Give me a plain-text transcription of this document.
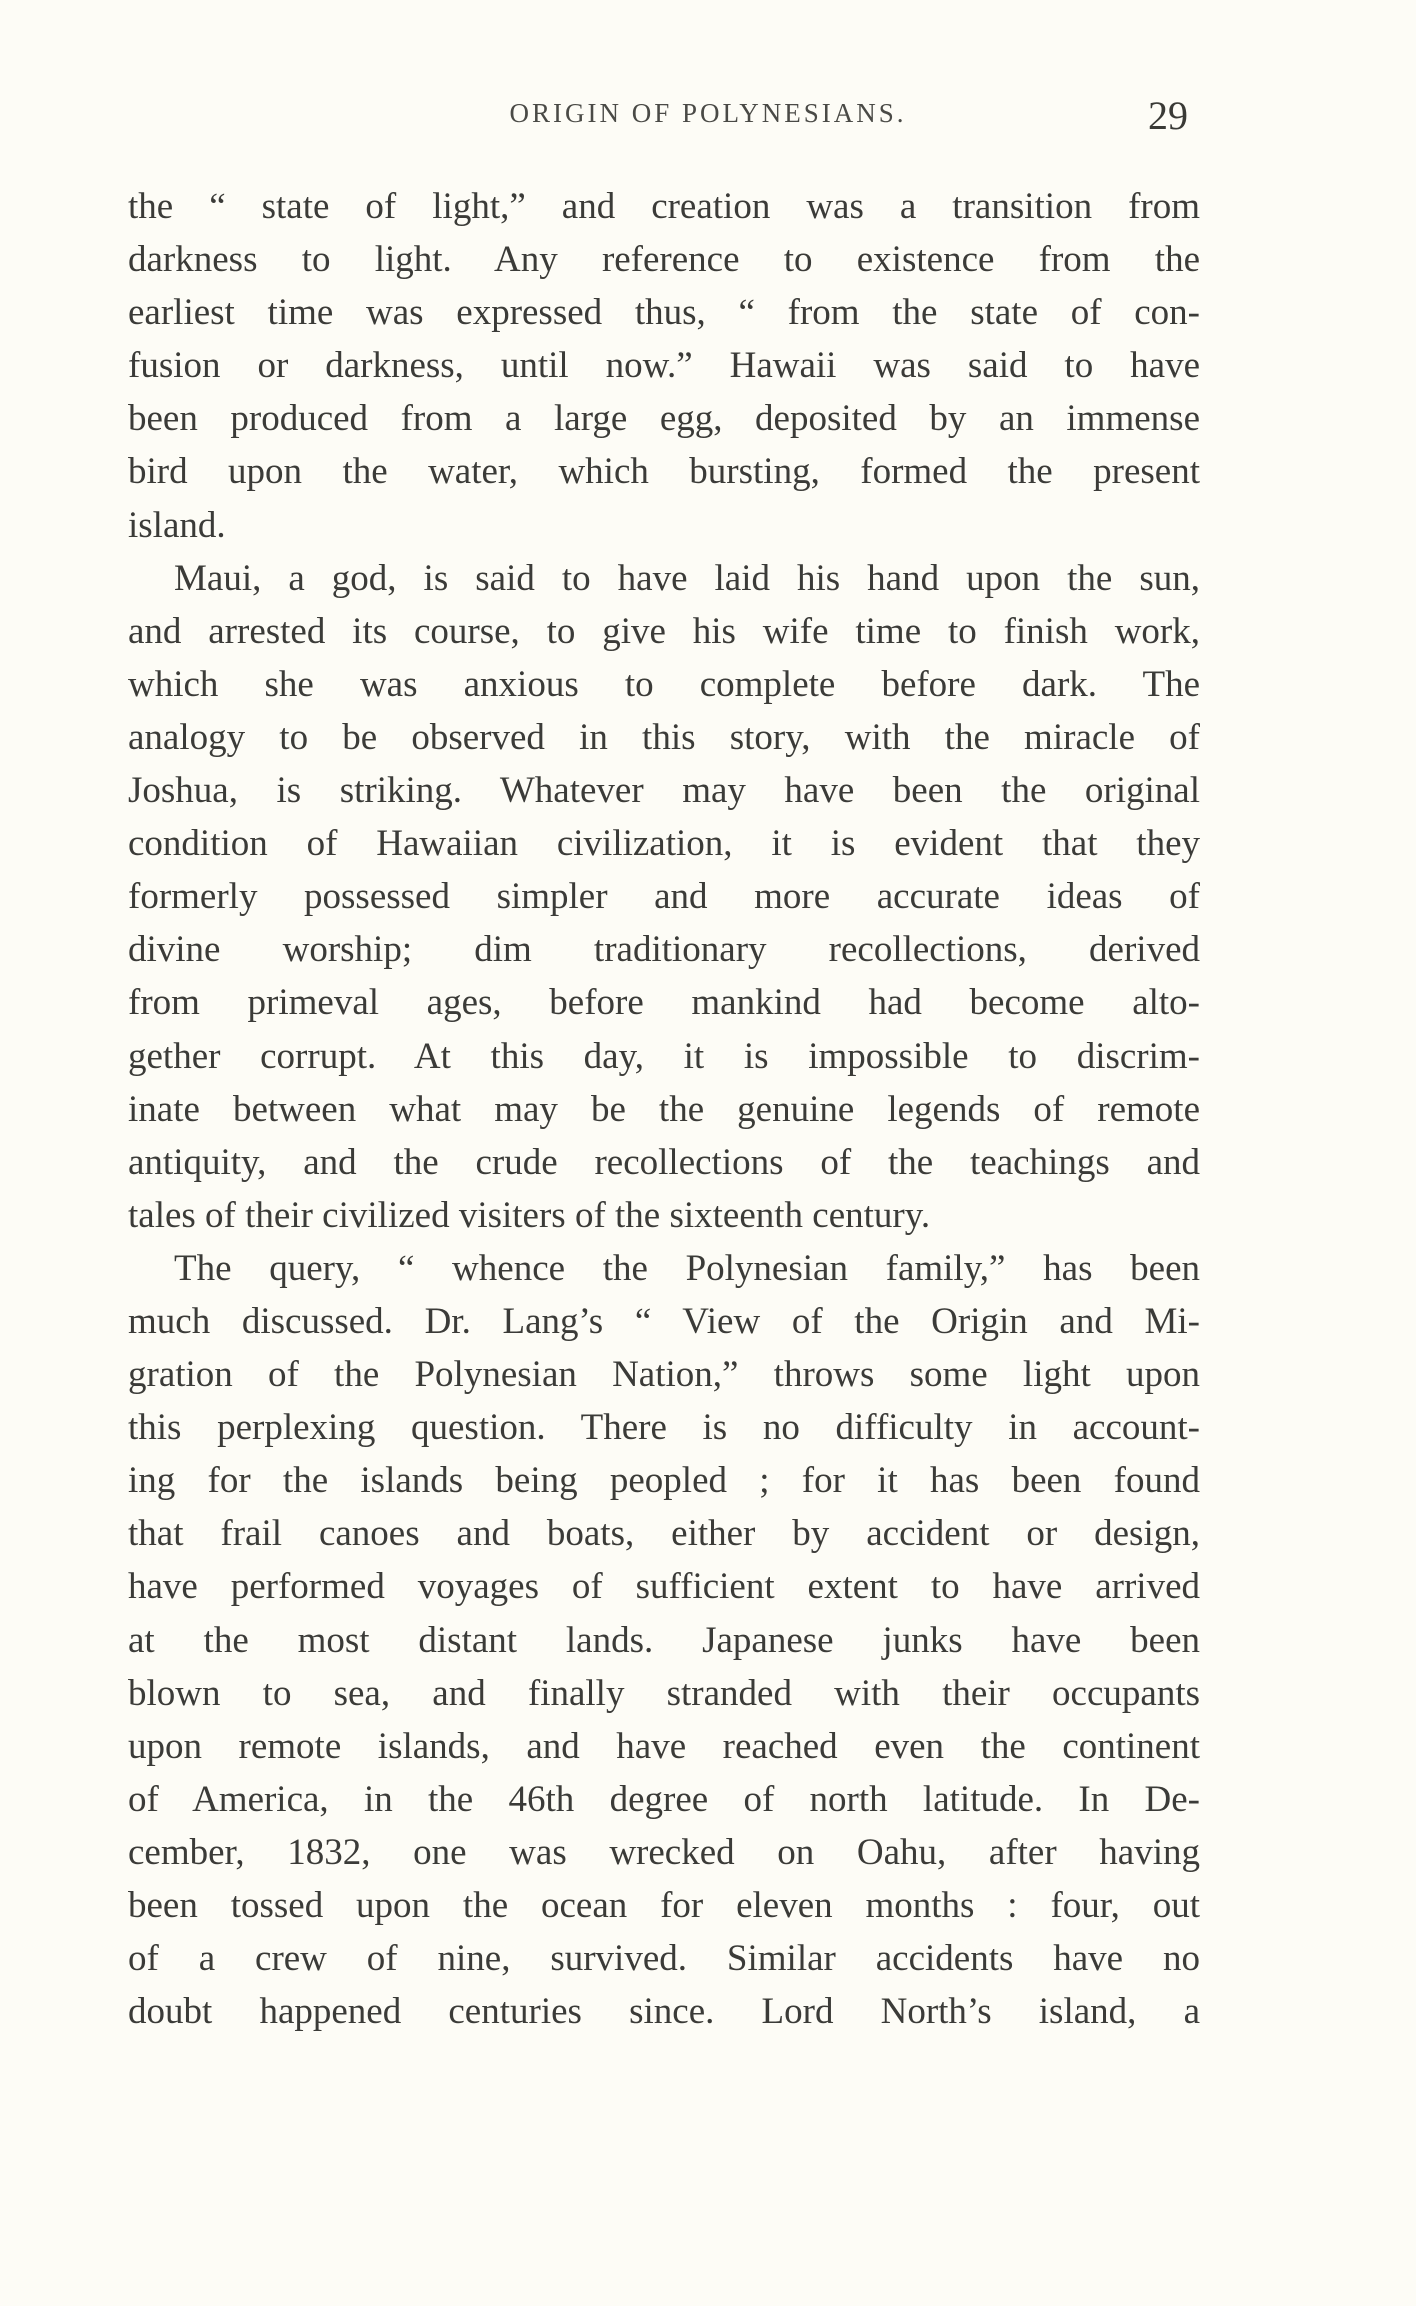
ORIGIN OF POLYNESIANS.	29
the “ state of light,” and creation was a transition from
darkness to light. Any reference to existence from the
earliest time was expressed thus, “ from the state of con-
fusion or darkness, until now.” Hawaii was said to have
been produced from a large egg, deposited by an immense
bird upon the water, which bursting, formed the present
island.
Maui, a god, is said to have laid his hand upon the sun,
and arrested its course, to give his wife time to finish work,
which she was anxious to complete before dark. The
analogy to be observed in this story, with the miracle of
Joshua, is striking. Whatever may have been the original
condition of Hawaiian civilization, it is evident that they
formerly possessed simpler and more accurate ideas of
divine worship; dim traditionary recollections, derived
from primeval ages, before mankind had become alto-
gether corrupt. At this day, it is impossible to discrim-
inate between what may be the genuine legends of remote
antiquity, and the crude recollections of the teachings and
tales of their civilized visiters of the sixteenth century.
The query, “ whence the Polynesian family,” has been
much discussed. Dr. Lang’s “ View of the Origin and Mi-
gration of the Polynesian Nation,” throws some light upon
this perplexing question. There is no difficulty in account-
ing for the islands being peopled ; for it has been found
that frail canoes and boats, either by accident or design,
have performed voyages of sufficient extent to have arrived
at the most distant lands. Japanese junks have been
blown to sea, and finally stranded with their occupants
upon remote islands, and have reached even the continent
of America, in the 46th degree of north latitude. In De-
cember, 1832, one was wrecked on Oahu, after having
been tossed upon the ocean for eleven months : four, out
of a crew of nine, survived. Similar accidents have no
doubt happened centuries since. Lord North’s island, a
